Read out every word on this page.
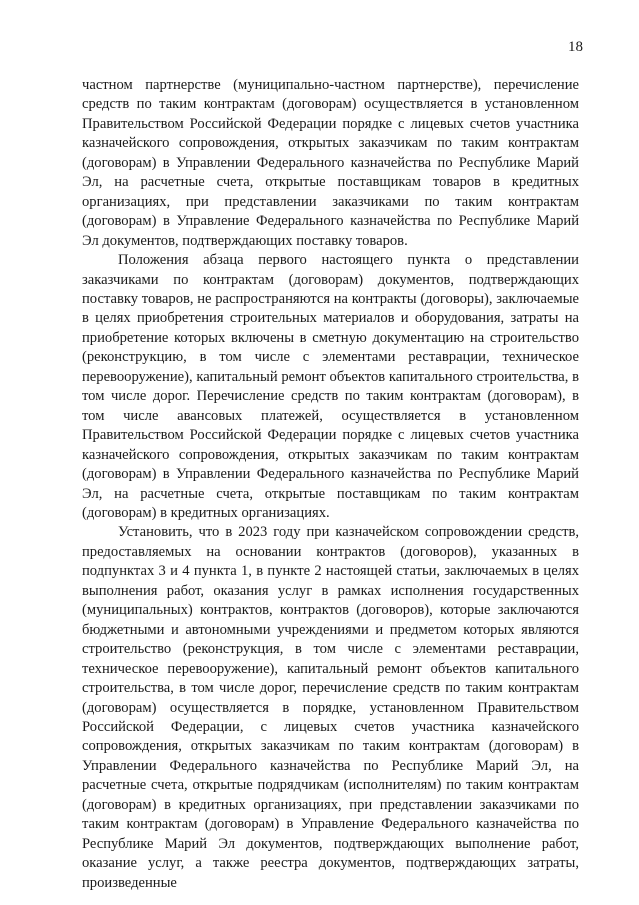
18

частном партнерстве (муниципально-частном партнерстве), перечисление средств по таким контрактам (договорам) осуществляется в установленном Правительством Российской Федерации порядке с лицевых счетов участника казначейского сопровождения, открытых заказчикам по таким контрактам (договорам) в Управлении Федерального казначейства по Республике Марий Эл, на расчетные счета, открытые поставщикам товаров в кредитных организациях, при представлении заказчиками по таким контрактам (договорам) в Управление Федерального казначейства по Республике Марий Эл документов, подтверждающих поставку товаров.

Положения абзаца первого настоящего пункта о представлении заказчиками по контрактам (договорам) документов, подтверждающих поставку товаров, не распространяются на контракты (договоры), заключаемые в целях приобретения строительных материалов и оборудования, затраты на приобретение которых включены в сметную документацию на строительство (реконструкцию, в том числе с элементами реставрации, техническое перевооружение), капитальный ремонт объектов капитального строительства, в том числе дорог. Перечисление средств по таким контрактам (договорам), в том числе авансовых платежей, осуществляется в установленном Правительством Российской Федерации порядке с лицевых счетов участника казначейского сопровождения, открытых заказчикам по таким контрактам (договорам) в Управлении Федерального казначейства по Республике Марий Эл, на расчетные счета, открытые поставщикам по таким контрактам (договорам) в кредитных организациях.

Установить, что в 2023 году при казначейском сопровождении средств, предоставляемых на основании контрактов (договоров), указанных в подпунктах 3 и 4 пункта 1, в пункте 2 настоящей статьи, заключаемых в целях выполнения работ, оказания услуг в рамках исполнения государственных (муниципальных) контрактов, контрактов (договоров), которые заключаются бюджетными и автономными учреждениями и предметом которых являются строительство (реконструкция, в том числе с элементами реставрации, техническое перевооружение), капитальный ремонт объектов капитального строительства, в том числе дорог, перечисление средств по таким контрактам (договорам) осуществляется в порядке, установленном Правительством Российской Федерации, с лицевых счетов участника казначейского сопровождения, открытых заказчикам по таким контрактам (договорам) в Управлении Федерального казначейства по Республике Марий Эл, на расчетные счета, открытые подрядчикам (исполнителям) по таким контрактам (договорам) в кредитных организациях, при представлении заказчиками по таким контрактам (договорам) в Управление Федерального казначейства по Республике Марий Эл документов, подтверждающих выполнение работ, оказание услуг, а также реестра документов, подтверждающих затраты, произведенные
